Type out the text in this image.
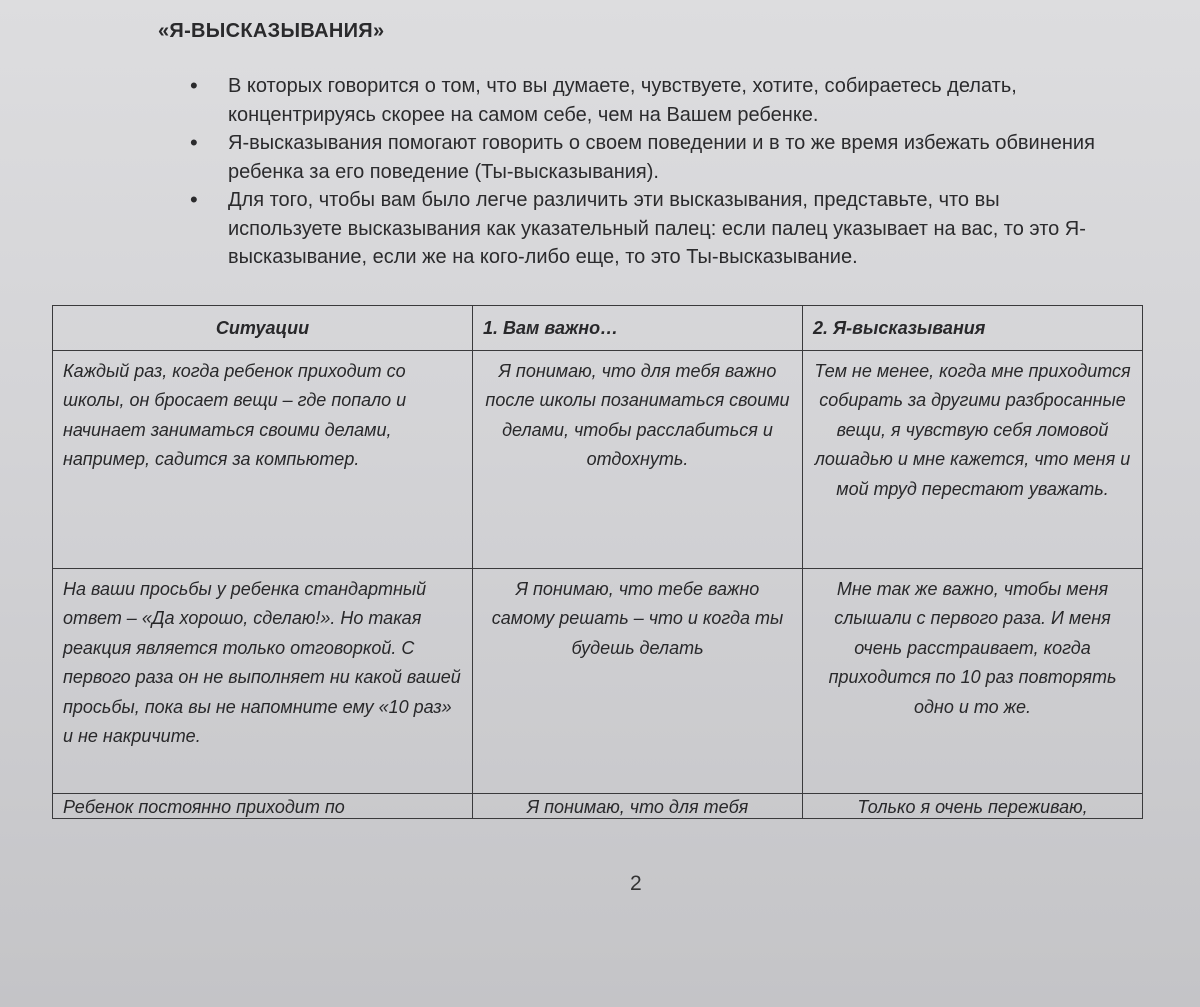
«Я-ВЫСКАЗЫВАНИЯ»
• В которых говорится о том, что вы думаете, чувствуете, хотите, собираетесь делать, концентрируясь скорее на самом себе, чем на Вашем ребенке.
• Я-высказывания помогают говорить о своем поведении и в то же время избежать обвинения ребенка за его поведение (Ты-высказывания).
• Для того, чтобы вам было легче различить эти высказывания, представьте, что вы используете высказывания как указательный палец: если палец указывает на вас, то это Я-высказывание, если же на кого-либо еще, то это Ты-высказывание.
Ситуации	1. Вам важно…	2. Я-высказывания
Каждый раз, когда ребенок приходит со школы, он бросает вещи – где попало и начинает заниматься своими делами, например, садится за компьютер.	Я понимаю, что для тебя важно после школы позаниматься своими делами, чтобы расслабиться и отдохнуть.	Тем не менее, когда мне приходится собирать за другими разбросанные вещи, я чувствую себя ломовой лошадью и мне кажется, что меня и мой труд перестают уважать.
На ваши просьбы у ребенка стандартный ответ – «Да хорошо, сделаю!». Но такая реакция является только отговоркой. С первого раза он не выполняет ни какой вашей просьбы, пока вы не напомните ему «10 раз» и не накричите.	Я понимаю, что тебе важно самому решать – что и когда ты будешь делать	Мне так же важно, чтобы меня слышали с первого раза. И меня очень расстраивает, когда приходится по 10 раз повторять одно и то же.
Ребенок постоянно приходит по	Я понимаю, что для тебя	Только я очень переживаю,
2
